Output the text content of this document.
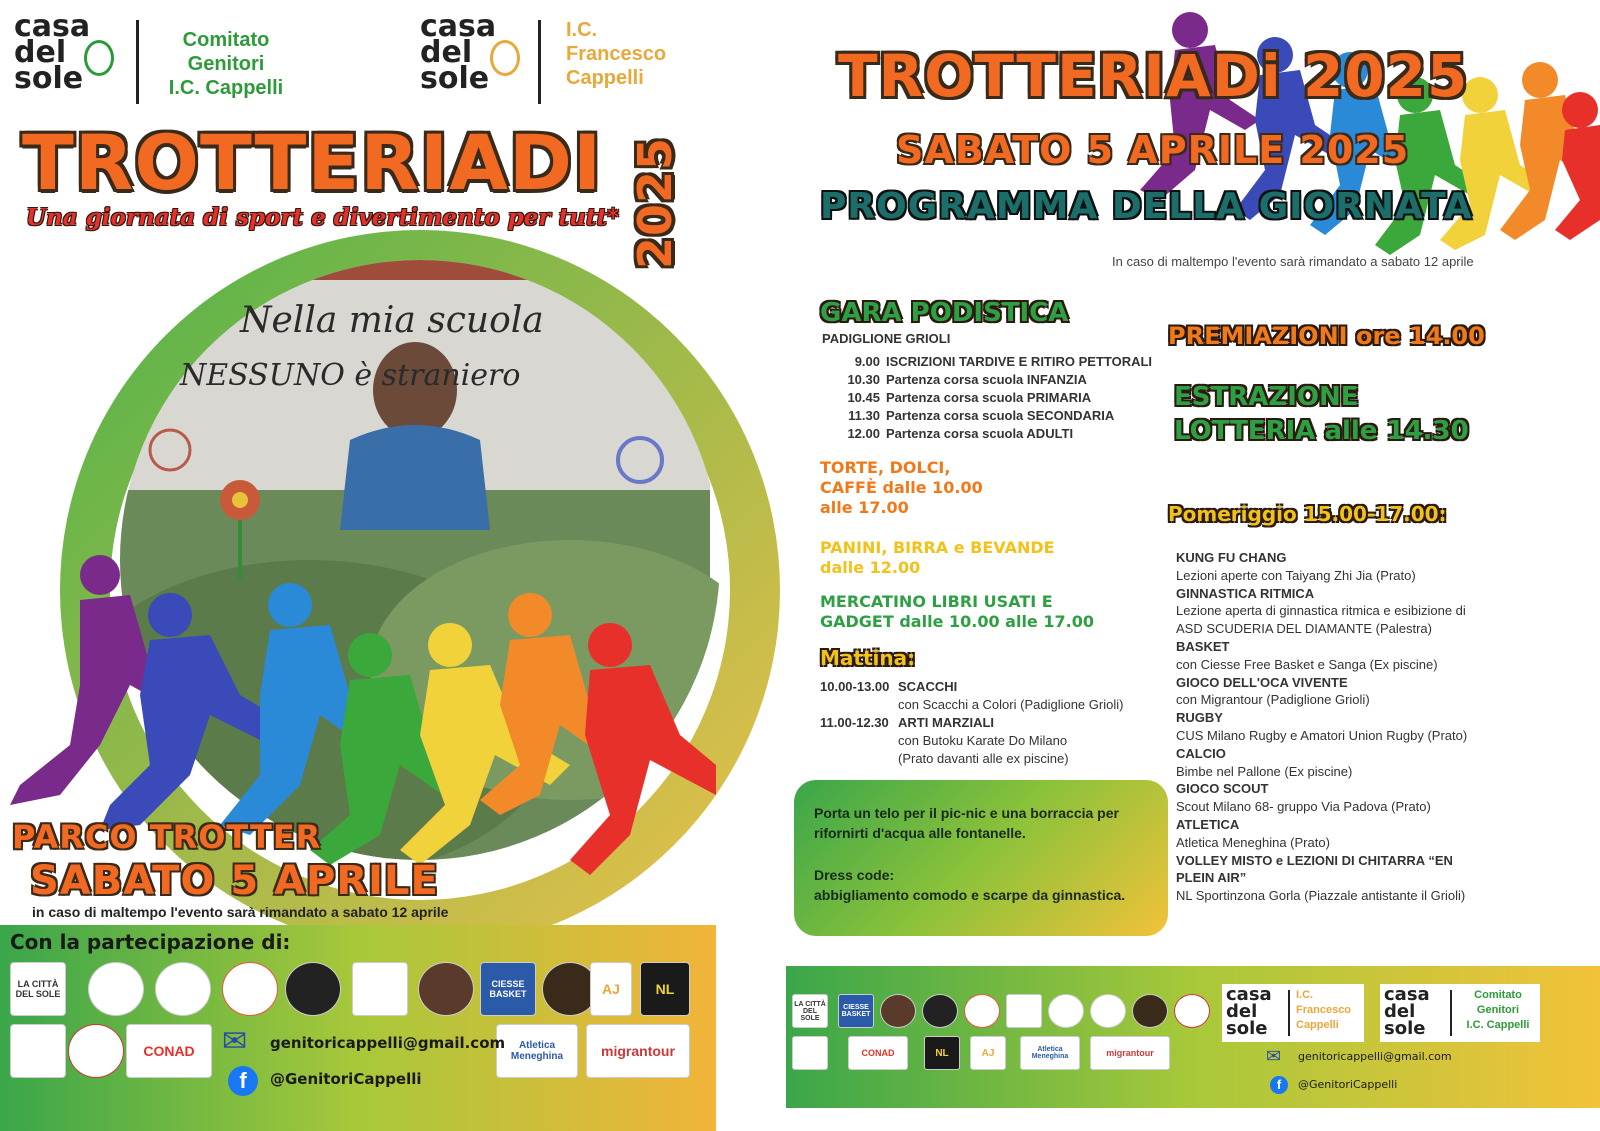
Nella mia scuola
NESSUNO è straniero
casa
del
sole
Comitato
Genitori
I.C. Cappelli
casa
del
sole
I.C.
Francesco
Cappelli
TROTTERIADI 2025
Una giornata di sport e divertimento per tutt*
PARCO TROTTER
SABATO 5 APRILE
in caso di maltempo l'evento sarà rimandato a sabato 12 aprile
Con la partecipazione di:
LA CITTÀ DEL SOLE
CIESSE BASKET	AJ	NL
CONAD	Atletica Meneghina	migrantour
✉	genitoricappelli@gmail.com
f	@GenitoriCappelli
TROTTERIADi 2025
SABATO 5 APRILE 2025
PROGRAMMA DELLA GIORNATA
In caso di maltempo l'evento sarà rimandato a sabato 12 aprile
GARA PODISTICA
PADIGLIONE GRIOLI
9.00 ISCRIZIONI TARDIVE E RITIRO PETTORALI
10.30 Partenza corsa scuola INFANZIA
10.45 Partenza corsa scuola PRIMARIA
11.30 Partenza corsa scuola SECONDARIA
12.00 Partenza corsa scuola ADULTI
TORTE, DOLCI,
CAFFÈ dalle 10.00
alle 17.00
PANINI, BIRRA e BEVANDE
dalle 12.00
MERCATINO LIBRI USATI E
GADGET dalle 10.00 alle 17.00
Mattina:
10.00-13.00 SCACCHI
con Scacchi a Colori (Padiglione Grioli)
11.00-12.30 ARTI MARZIALI
con Butoku Karate Do Milano
(Prato davanti alle ex piscine)
Porta un telo per il pic-nic e una borraccia per
rifornirti d'acqua alle fontanelle.
Dress code:
abbigliamento comodo e scarpe da ginnastica.
PREMIAZIONI ore 14.00
ESTRAZIONE
LOTTERIA alle 14.30
Pomeriggio 15.00-17.00:
KUNG FU CHANG
Lezioni aperte con Taiyang Zhi Jia (Prato)
GINNASTICA RITMICA
Lezione aperta di ginnastica ritmica e esibizione di
ASD SCUDERIA DEL DIAMANTE (Palestra)
BASKET
con Ciesse Free Basket e Sanga (Ex piscine)
GIOCO DELL'OCA VIVENTE
con Migrantour (Padiglione Grioli)
RUGBY
CUS Milano Rugby e Amatori Union Rugby (Prato)
CALCIO
Bimbe nel Pallone (Ex piscine)
GIOCO SCOUT
Scout Milano 68- gruppo Via Padova (Prato)
ATLETICA
Atletica Meneghina (Prato)
VOLLEY MISTO e LEZIONI DI CHITARRA “EN PLEIN AIR”
NL Sportinzona Gorla (Piazzale antistante il Grioli)
LA CITTÀ DEL SOLE
CIESSE BASKET
CONAD	NL	AJ	Atletica Meneghina	migrantour
casa
del
sole
I.C.
Francesco
Cappelli
casa
del
sole
Comitato
Genitori
I.C. Cappelli
✉ genitoricappelli@gmail.com
f	@GenitoriCappelli
